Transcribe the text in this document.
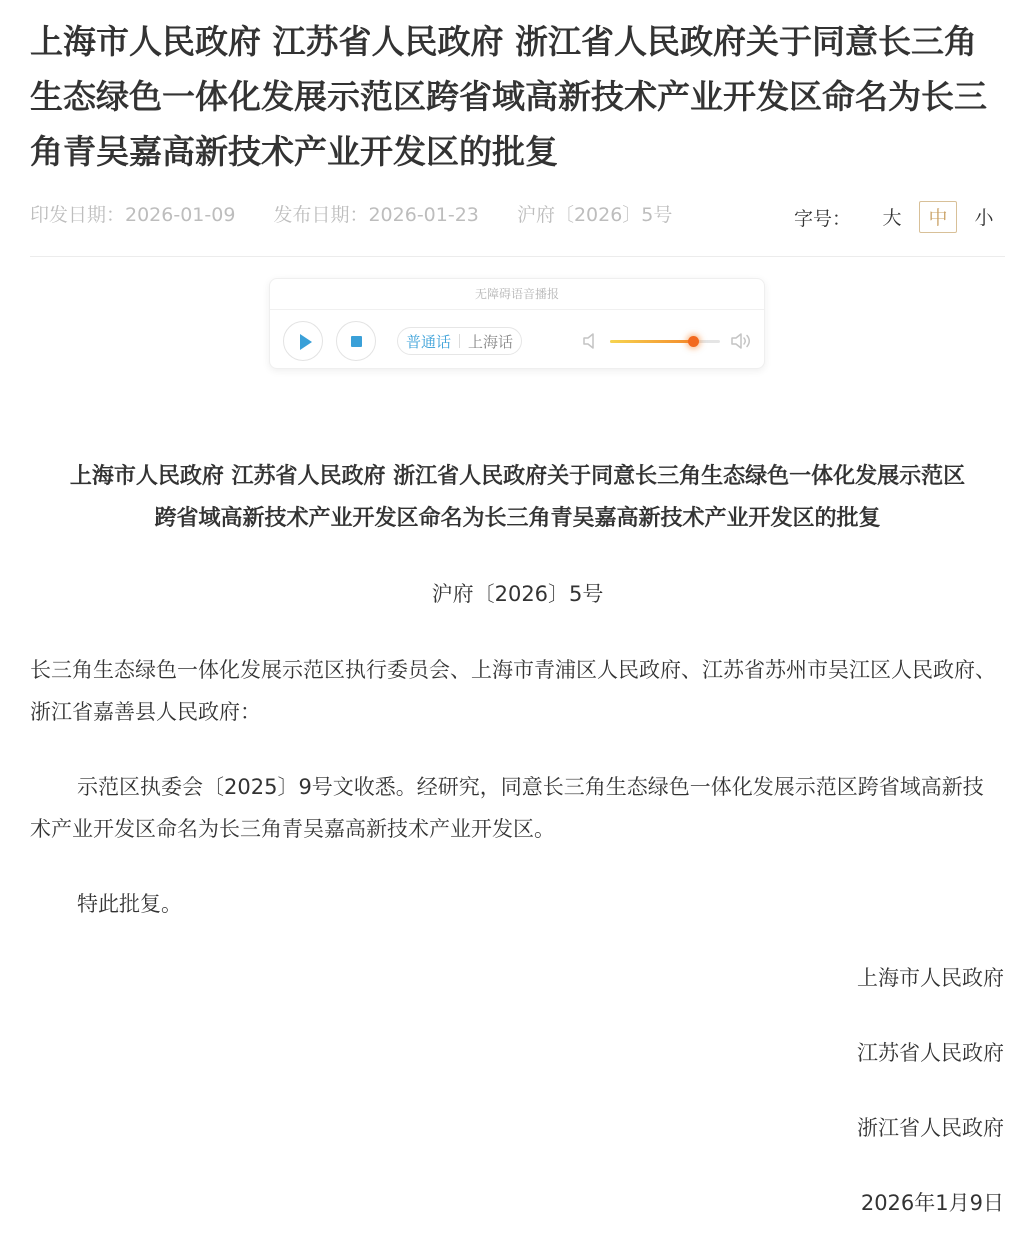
上海市人民政府 江苏省人民政府 浙江省人民政府关于同意长三角生态绿色一体化发展示范区跨省域高新技术产业开发区命名为长三角青吴嘉高新技术产业开发区的批复
印发日期：2026-01-09 发布日期：2026-01-23 沪府〔2026〕5号	字号：	大	中	小
无障碍语音播报
普通话 上海话
上海市人民政府 江苏省人民政府 浙江省人民政府关于同意长三角生态绿色一体化发展示范区
跨省域高新技术产业开发区命名为长三角青吴嘉高新技术产业开发区的批复
沪府〔2026〕5号

长三角生态绿色一体化发展示范区执行委员会、上海市青浦区人民政府、江苏省苏州市吴江区人民政府、浙江省嘉善县人民政府：

示范区执委会〔2025〕9号文收悉。经研究，同意长三角生态绿色一体化发展示范区跨省域高新技术产业开发区命名为长三角青吴嘉高新技术产业开发区。

特此批复。

上海市人民政府
江苏省人民政府
浙江省人民政府
2026年1月9日
